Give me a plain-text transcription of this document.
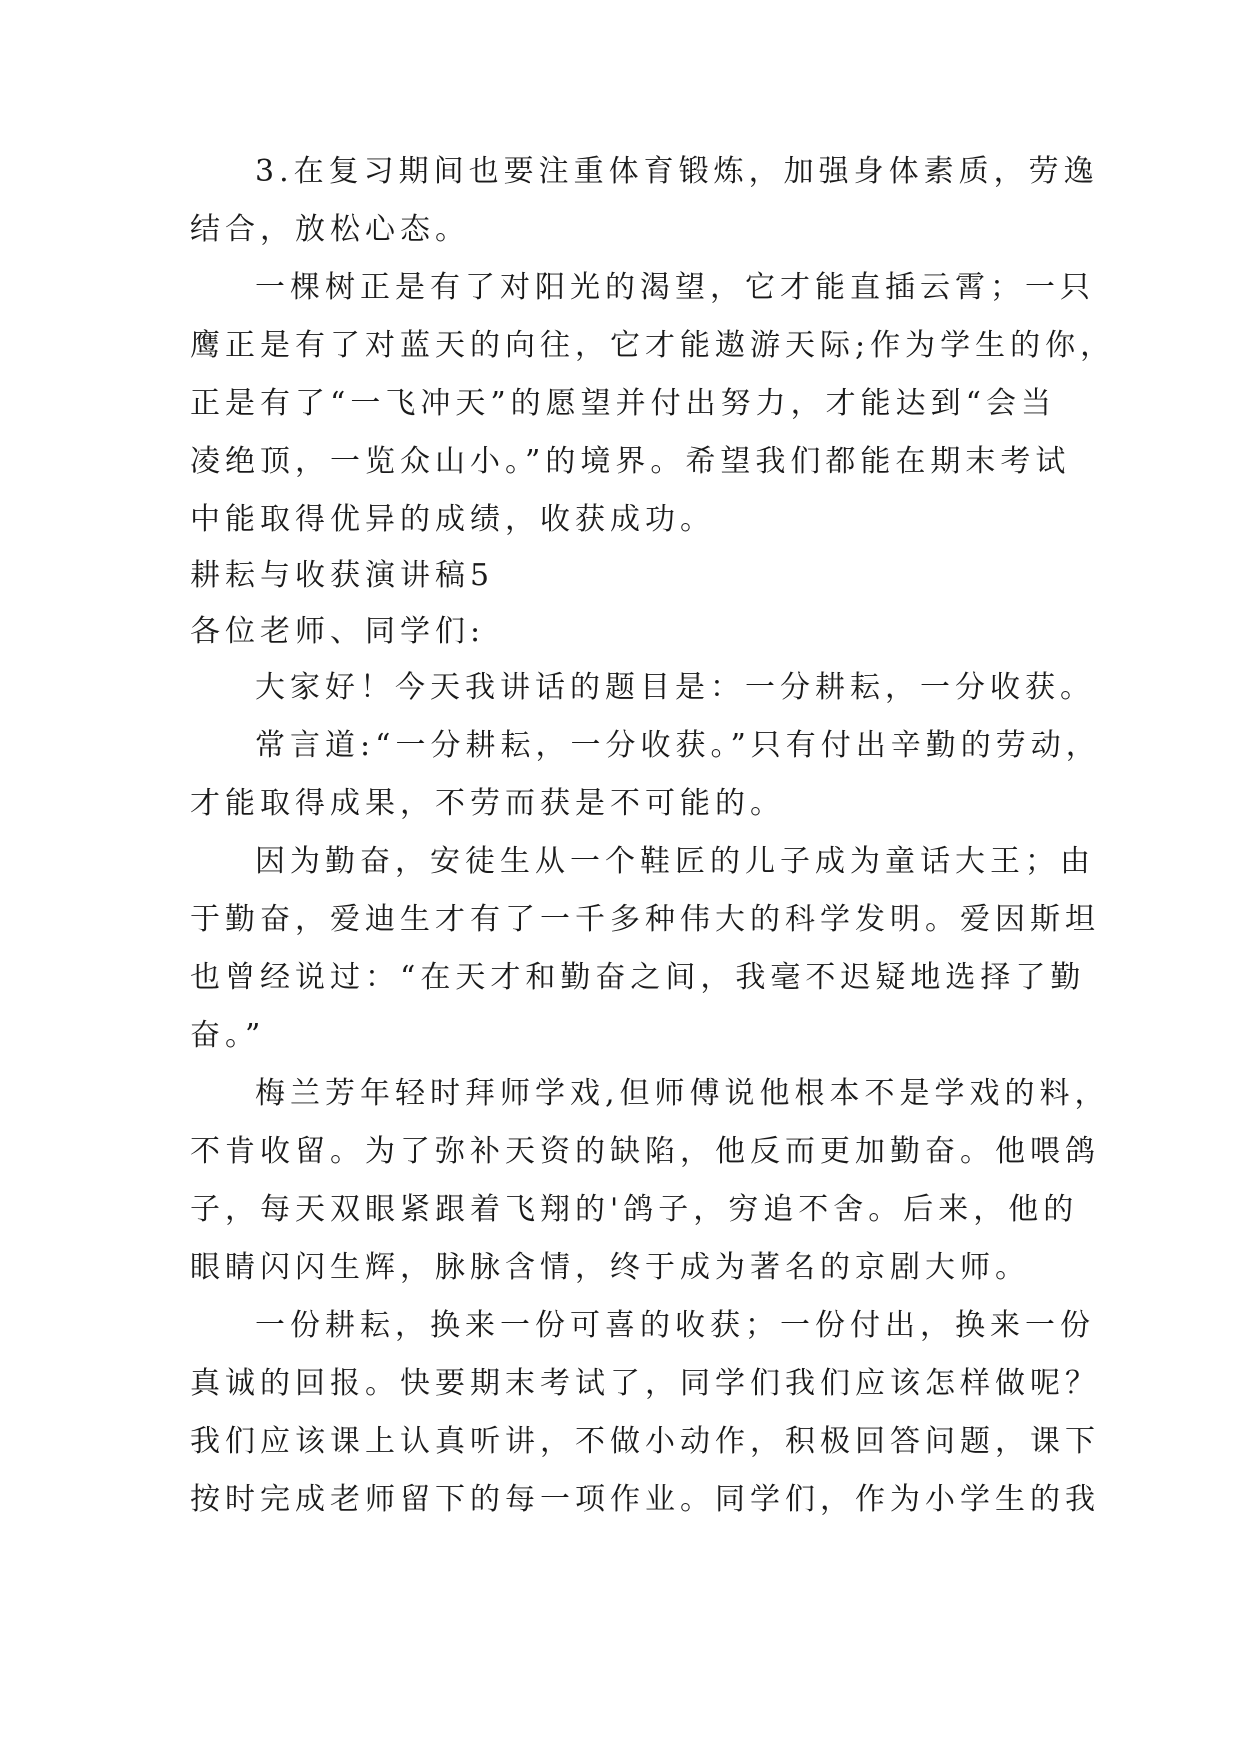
3.在复习期间也要注重体育锻炼，加强身体素质，劳逸
结合，放松心态。
一棵树正是有了对阳光的渴望，它才能直插云霄；一只
鹰正是有了对蓝天的向往，它才能遨游天际;作为学生的你，
正是有了“一飞冲天”的愿望并付出努力，才能达到“会当
凌绝顶，一览众山小。”的境界。希望我们都能在期末考试
中能取得优异的成绩，收获成功。
耕耘与收获演讲稿5
各位老师、同学们:
大家好！今天我讲话的题目是：一分耕耘，一分收获。
常言道:“一分耕耘，一分收获。”只有付出辛勤的劳动，
才能取得成果，不劳而获是不可能的。
因为勤奋，安徒生从一个鞋匠的儿子成为童话大王；由
于勤奋，爱迪生才有了一千多种伟大的科学发明。爱因斯坦
也曾经说过：“在天才和勤奋之间，我毫不迟疑地选择了勤
奋。”
梅兰芳年轻时拜师学戏,但师傅说他根本不是学戏的料，
不肯收留。为了弥补天资的缺陷，他反而更加勤奋。他喂鸽
子，每天双眼紧跟着飞翔的'鸽子，穷追不舍。后来，他的
眼睛闪闪生辉，脉脉含情，终于成为著名的京剧大师。
一份耕耘，换来一份可喜的收获；一份付出，换来一份
真诚的回报。快要期末考试了，同学们我们应该怎样做呢？
我们应该课上认真听讲，不做小动作，积极回答问题，课下
按时完成老师留下的每一项作业。同学们，作为小学生的我
